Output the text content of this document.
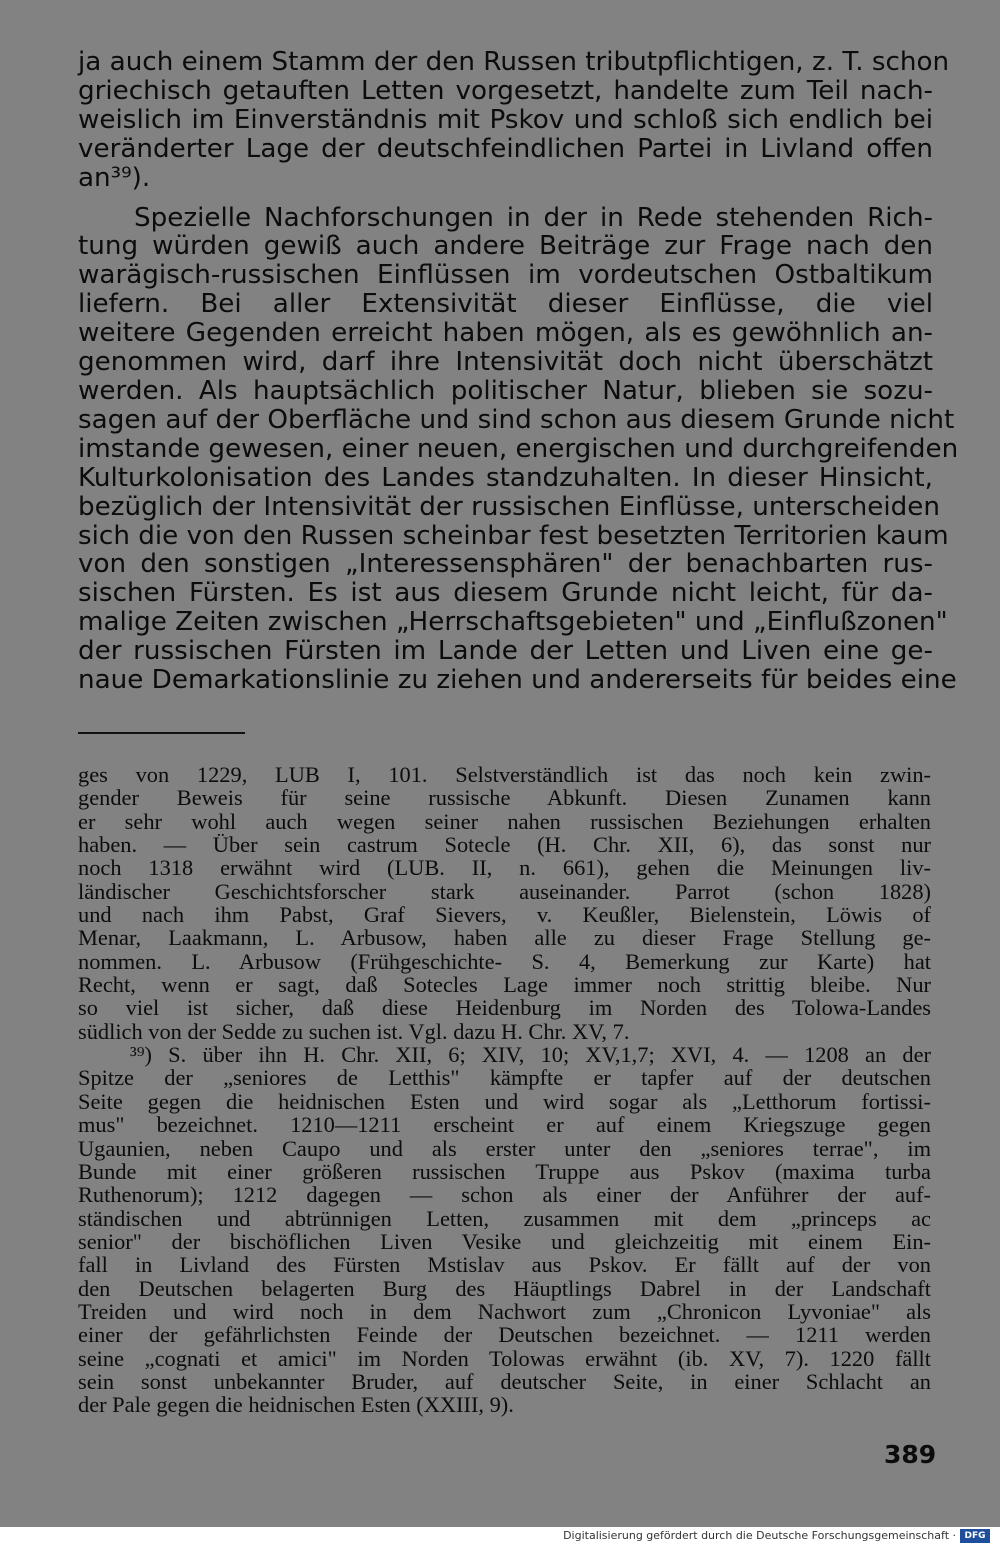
ja auch einem Stamm der den Russen tributpflichtigen, z. T. schon
griechisch getauften Letten vorgesetzt, handelte zum Teil nach-
weislich im Einverständnis mit Pskov und schloß sich endlich bei
veränderter Lage der deutschfeindlichen Partei in Livland offen
an³⁹).
Spezielle Nachforschungen in der in Rede stehenden Rich-
tung würden gewiß auch andere Beiträge zur Frage nach den
warägisch-russischen Einflüssen im vordeutschen Ostbaltikum
liefern. Bei aller Extensivität dieser Einflüsse, die viel
weitere Gegenden erreicht haben mögen, als es gewöhnlich an-
genommen wird, darf ihre Intensivität doch nicht überschätzt
werden. Als hauptsächlich politischer Natur, blieben sie sozu-
sagen auf der Oberfläche und sind schon aus diesem Grunde nicht
imstande gewesen, einer neuen, energischen und durchgreifenden
Kulturkolonisation des Landes standzuhalten. In dieser Hinsicht,
bezüglich der Intensivität der russischen Einflüsse, unterscheiden
sich die von den Russen scheinbar fest besetzten Territorien kaum
von den sonstigen „Interessensphären" der benachbarten rus-
sischen Fürsten. Es ist aus diesem Grunde nicht leicht, für da-
malige Zeiten zwischen „Herrschaftsgebieten" und „Einflußzonen"
der russischen Fürsten im Lande der Letten und Liven eine ge-
naue Demarkationslinie zu ziehen und andererseits für beides eine
ges von 1229, LUB I, 101. Selstverständlich ist das noch kein zwin-
gender Beweis für seine russische Abkunft. Diesen Zunamen kann
er sehr wohl auch wegen seiner nahen russischen Beziehungen erhalten
haben. — Über sein castrum Sotecle (H. Chr. XII, 6), das sonst nur
noch 1318 erwähnt wird (LUB. II, n. 661), gehen die Meinungen liv-
ländischer Geschichtsforscher stark auseinander. Parrot (schon 1828)
und nach ihm Pabst, Graf Sievers, v. Keußler, Bielenstein, Löwis of
Menar, Laakmann, L. Arbusow, haben alle zu dieser Frage Stellung ge-
nommen. L. Arbusow (Frühgeschichte- S. 4, Bemerkung zur Karte) hat
Recht, wenn er sagt, daß Sotecles Lage immer noch strittig bleibe. Nur
so viel ist sicher, daß diese Heidenburg im Norden des Tolowa-Landes
südlich von der Sedde zu suchen ist. Vgl. dazu H. Chr. XV, 7.
³⁹) S. über ihn H. Chr. XII, 6; XIV, 10; XV,1,7; XVI, 4. — 1208 an der
Spitze der „seniores de Letthis" kämpfte er tapfer auf der deutschen
Seite gegen die heidnischen Esten und wird sogar als „Letthorum fortissi-
mus" bezeichnet. 1210—1211 erscheint er auf einem Kriegszuge gegen
Ugaunien, neben Caupo und als erster unter den „seniores terrae", im
Bunde mit einer größeren russischen Truppe aus Pskov (maxima turba
Ruthenorum); 1212 dagegen — schon als einer der Anführer der auf-
ständischen und abtrünnigen Letten, zusammen mit dem „princeps ac
senior" der bischöflichen Liven Vesike und gleichzeitig mit einem Ein-
fall in Livland des Fürsten Mstislav aus Pskov. Er fällt auf der von
den Deutschen belagerten Burg des Häuptlings Dabrel in der Landschaft
Treiden und wird noch in dem Nachwort zum „Chronicon Lyvoniae" als
einer der gefährlichsten Feinde der Deutschen bezeichnet. — 1211 werden
seine „cognati et amici" im Norden Tolowas erwähnt (ib. XV, 7). 1220 fällt
sein sonst unbekannter Bruder, auf deutscher Seite, in einer Schlacht an
der Pale gegen die heidnischen Esten (XXIII, 9).
389
Digitalisierung gefördert durch die Deutsche Forschungsgemeinschaft · DFG
